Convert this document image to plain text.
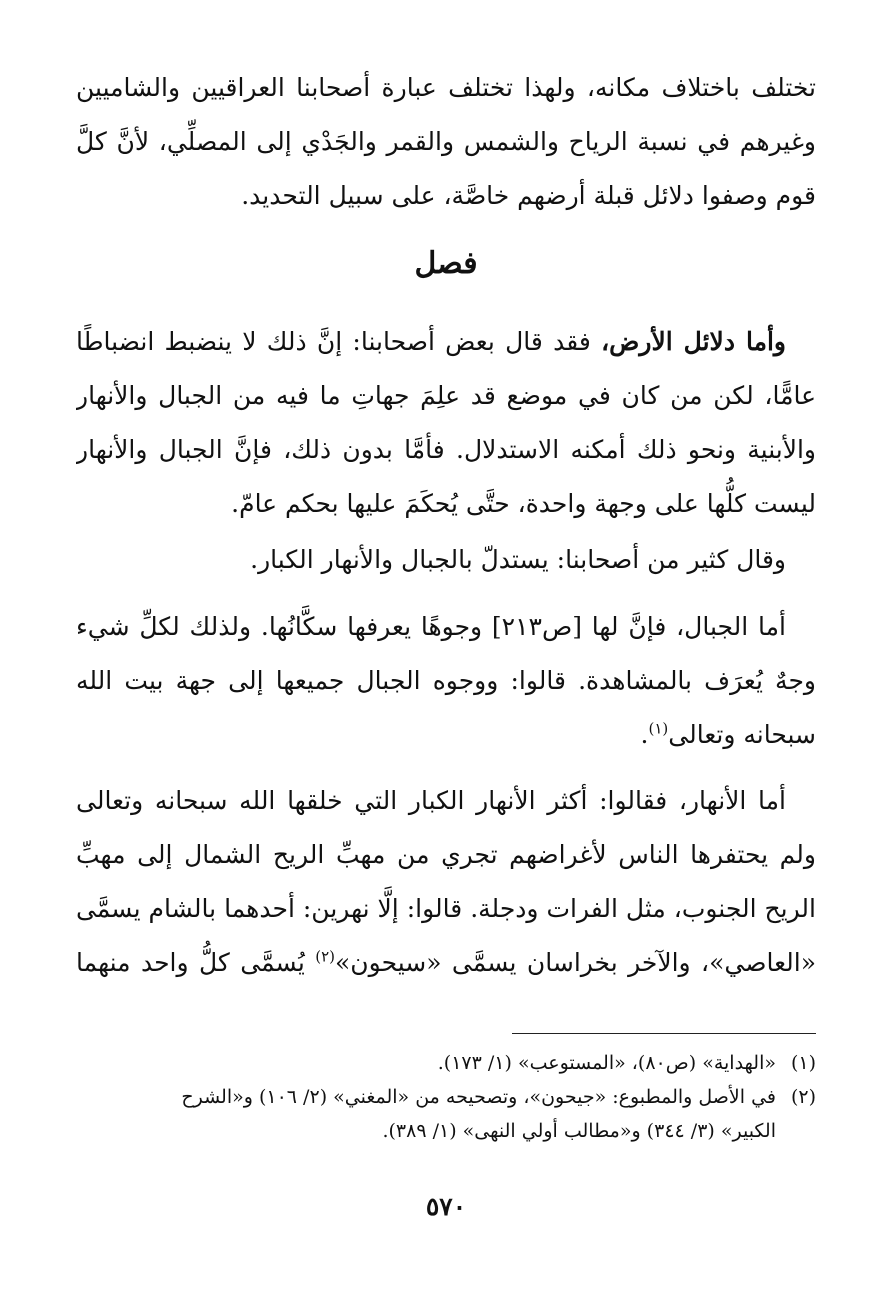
تختلف باختلاف مكانه، ولهذا تختلف عبارة أصحابنا العراقيين والشاميين
وغيرهم في نسبة الرياح والشمس والقمر والجَدْي إلى المصلِّي، لأنَّ كلَّ
قوم وصفوا دلائل قبلة أرضهم خاصَّة، على سبيل التحديد.
فصل
وأما دلائل الأرض، فقد قال بعض أصحابنا: إنَّ ذلك لا ينضبط انضباطًا
عامًّا، لكن من كان في موضع قد علِمَ جهاتِ ما فيه من الجبال والأنهار
والأبنية ونحو ذلك أمكنه الاستدلال. فأمَّا بدون ذلك، فإنَّ الجبال والأنهار
ليست كلُّها على وجهة واحدة، حتَّى يُحكَمَ عليها بحكم عامّ.
وقال كثير من أصحابنا: يستدلّ بالجبال والأنهار الكبار.
أما الجبال، فإنَّ لها [ص٢١٣] وجوهًا يعرفها سكَّانُها. ولذلك لكلِّ شيء
وجهٌ يُعرَف بالمشاهدة. قالوا: ووجوه الجبال جميعها إلى جهة بيت الله
سبحانه وتعالى$^{(١)}$.
أما الأنهار، فقالوا: أكثر الأنهار الكبار التي خلقها الله سبحانه وتعالى
ولم يحتفرها الناس لأغراضهم تجري من مهبِّ الريح الشمال إلى مهبِّ
الريح الجنوب، مثل الفرات ودجلة. قالوا: إلَّا نهرين: أحدهما بالشام يسمَّى
«العاصي»، والآخر بخراسان يسمَّى «سيحون»$^{(٢)}$ يُسمَّى كلُّ واحد منهما
(١)«الهداية» (ص٨٠)، «المستوعب» (١/ ١٧٣).
(٢)في الأصل والمطبوع: «جيحون»، وتصحيحه من «المغني» (٢/ ١٠٦) و«الشرح
الكبير» (٣/ ٣٤٤) و«مطالب أولي النهى» (١/ ٣٨٩).
٥٧٠
